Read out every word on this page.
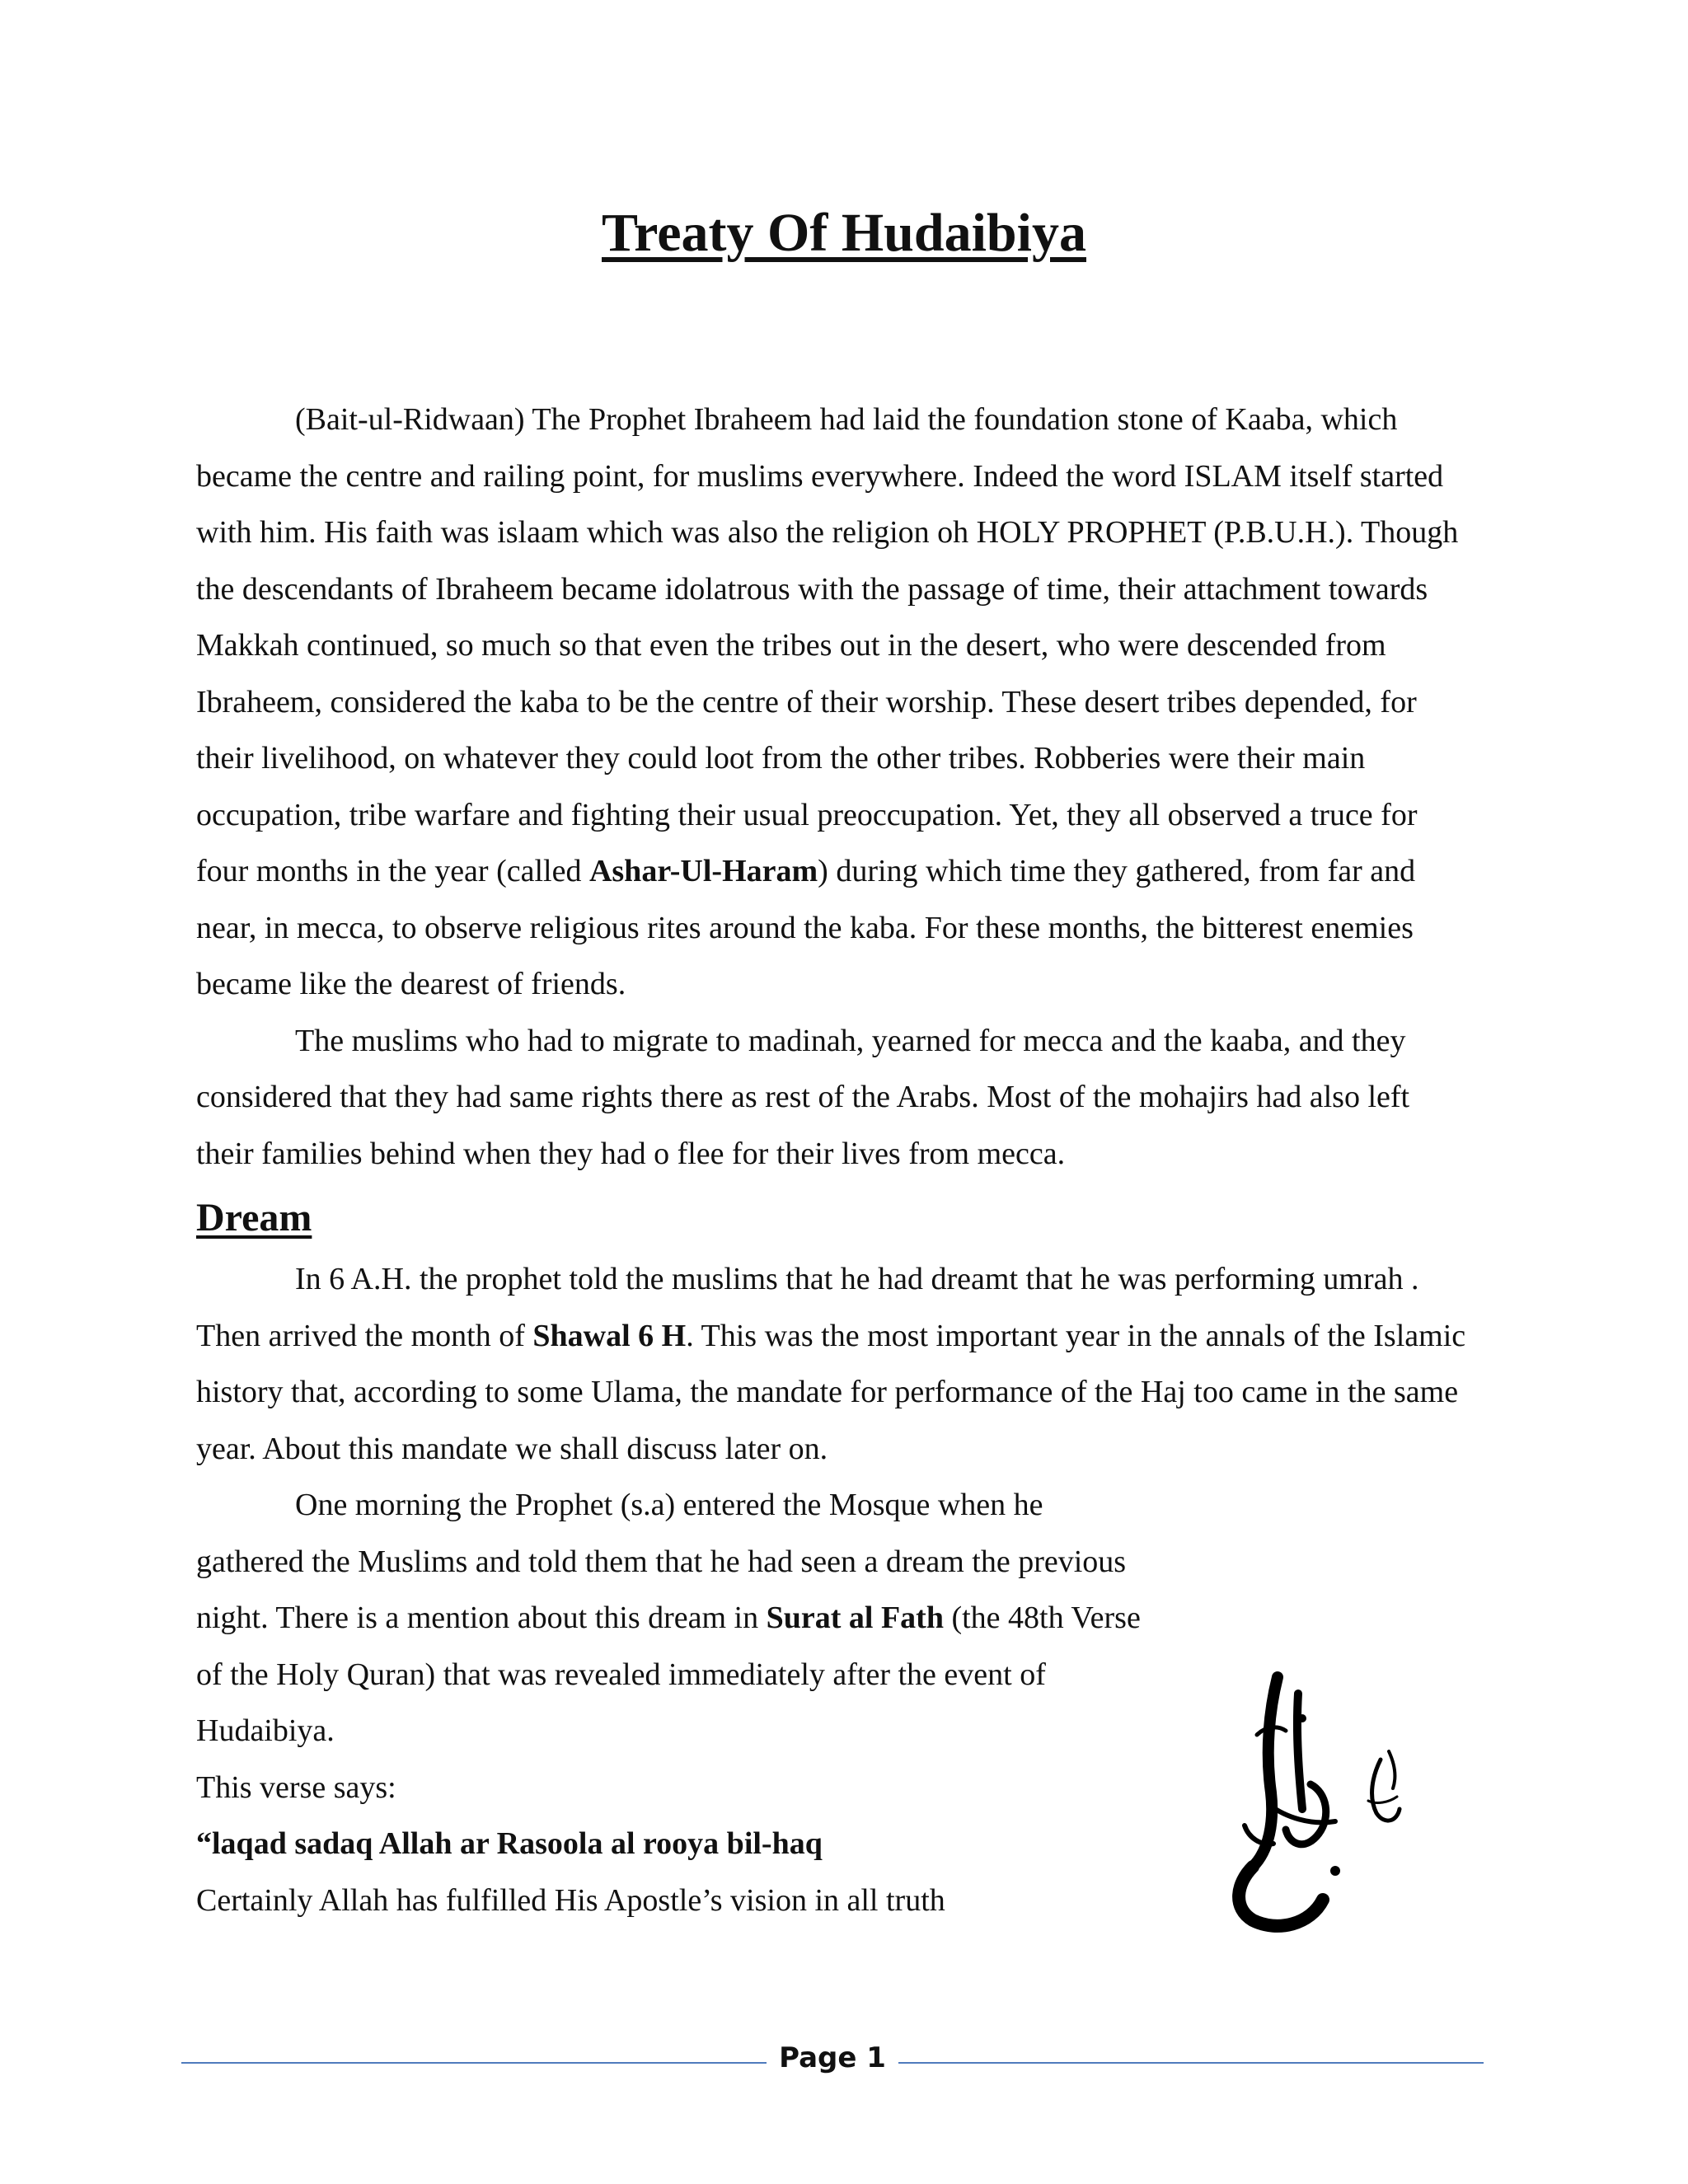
Treaty Of Hudaibiya

(Bait-ul-Ridwaan) The Prophet Ibraheem had laid the foundation stone of Kaaba, which became the centre and railing point, for muslims everywhere. Indeed the word ISLAM itself started with him. His faith was islaam which was also the religion oh HOLY PROPHET (P.B.U.H.). Though the descendants of Ibraheem became idolatrous with the passage of time, their attachment towards Makkah continued, so much so that even the tribes out in the desert, who were descended from Ibraheem, considered the kaba to be the centre of their worship. These desert tribes depended, for their livelihood, on whatever they could loot from the other tribes. Robberies were their main occupation, tribe warfare and fighting their usual preoccupation. Yet, they all observed a truce for four months in the year (called Ashar-Ul-Haram) during which time they gathered, from far and near, in mecca, to observe religious rites around the kaba. For these months, the bitterest enemies became like the dearest of friends.

The muslims who had to migrate to madinah, yearned for mecca and the kaaba, and they considered that they had same rights there as rest of the Arabs. Most of the mohajirs had also left their families behind when they had o flee for their lives from mecca.

Dream

In 6 A.H. the prophet told the muslims that he had dreamt that he was performing umrah . Then arrived the month of Shawal 6 H. This was the most important year in the annals of the Islamic history that, according to some Ulama, the mandate for performance of the Haj too came in the same year. About this mandate we shall discuss later on.

One morning the Prophet (s.a) entered the Mosque when he gathered the Muslims and told them that he had seen a dream the previous night. There is a mention about this dream in Surat al Fath (the 48th Verse of the Holy Quran) that was revealed immediately after the event of Hudaibiya.

This verse says:

“laqad sadaq Allah ar Rasoola al rooya bil-haq

Certainly Allah has fulfilled His Apostle’s vision in all truth

Page 1
